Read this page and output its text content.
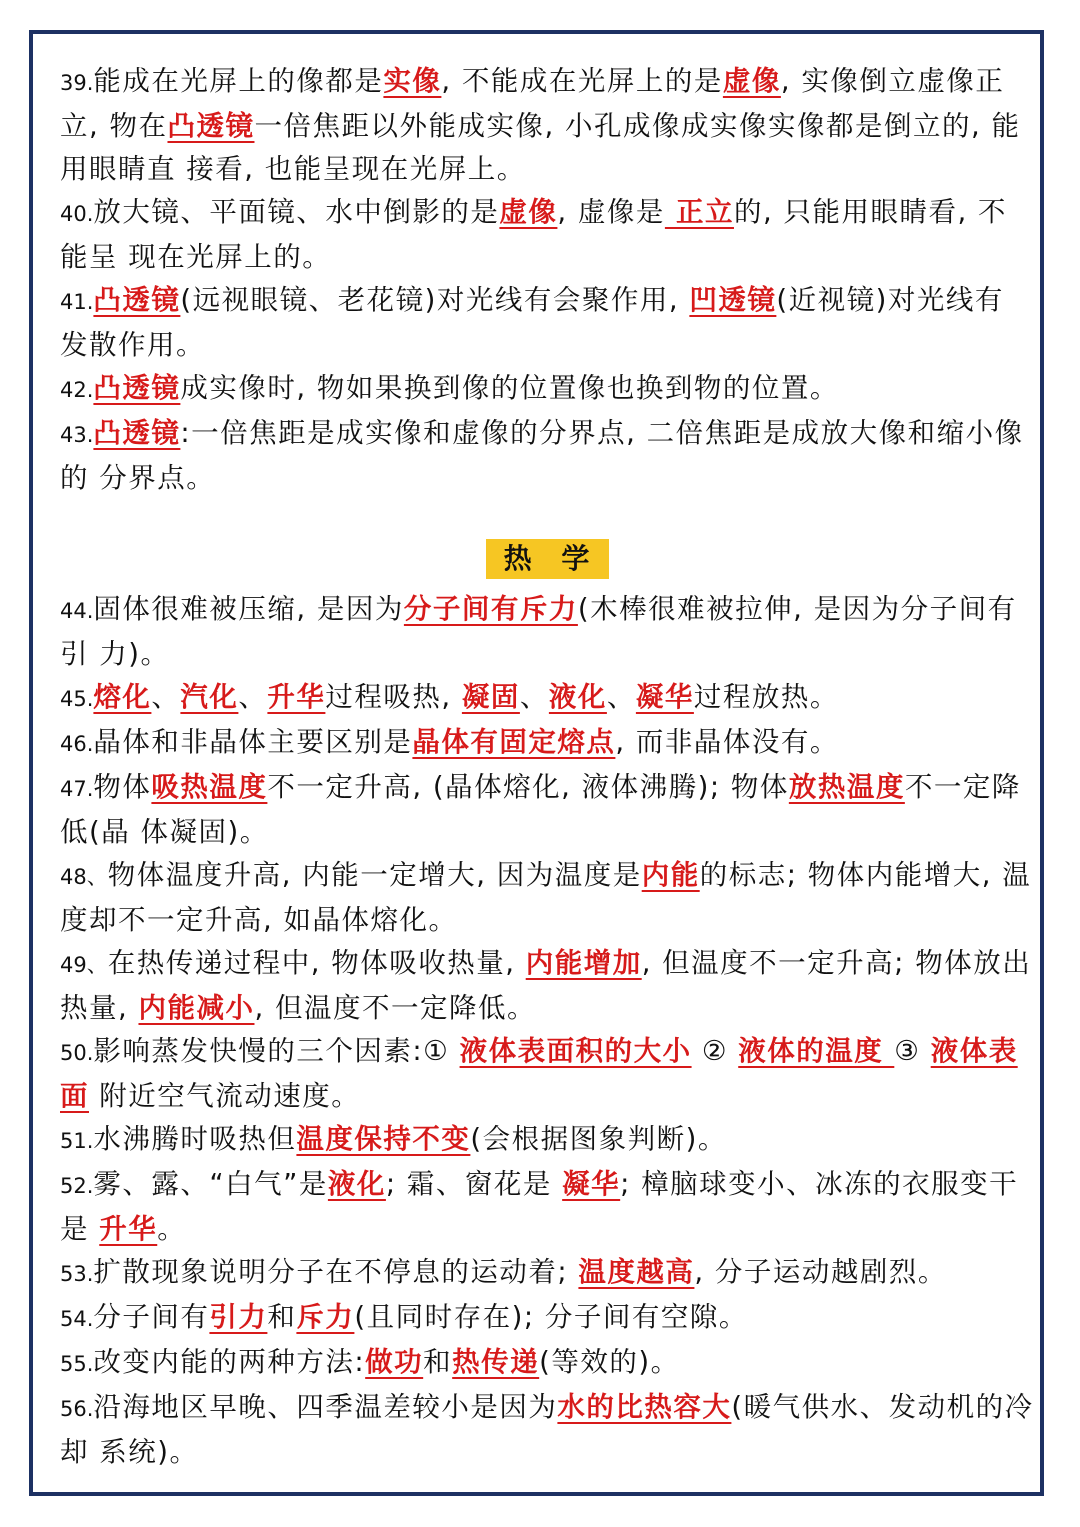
39.能成在光屏上的像都是实像, 不能成在光屏上的是虚像, 实像倒立虚像正立, 物在凸透镜一倍焦距以外能成实像, 小孔成像成实像实像都是倒立的, 能用眼睛直 接看, 也能呈现在光屏上。
40.放大镜、平面镜、水中倒影的是虚像, 虚像是 正立的, 只能用眼睛看, 不能呈 现在光屏上的。
41.凸透镜(远视眼镜、老花镜)对光线有会聚作用, 凹透镜(近视镜)对光线有 发散作用。
42.凸透镜成实像时, 物如果换到像的位置像也换到物的位置。
43.凸透镜:一倍焦距是成实像和虚像的分界点, 二倍焦距是成放大像和缩小像的 分界点。
热 学
44.固体很难被压缩, 是因为分子间有斥力(木棒很难被拉伸, 是因为分子间有引 力)。
45.熔化、汽化、升华过程吸热, 凝固、液化、凝华过程放热。
46.晶体和非晶体主要区别是晶体有固定熔点, 而非晶体没有。
47.物体吸热温度不一定升高, (晶体熔化, 液体沸腾); 物体放热温度不一定降低(晶 体凝固)。
48、物体温度升高, 内能一定增大, 因为温度是内能的标志; 物体内能增大, 温 度却不一定升高, 如晶体熔化。
49、在热传递过程中, 物体吸收热量, 内能增加, 但温度不一定升高; 物体放出热量, 内能减小, 但温度不一定降低。
50.影响蒸发快慢的三个因素:① 液体表面积的大小 ② 液体的温度 ③ 液体表面 附近空气流动速度。
51.水沸腾时吸热但温度保持不变(会根据图象判断)。
52.雾、露、“白气”是液化; 霜、窗花是 凝华; 樟脑球变小、冰冻的衣服变干是 升华。
53.扩散现象说明分子在不停息的运动着; 温度越高, 分子运动越剧烈。
54.分子间有引力和斥力(且同时存在); 分子间有空隙。
55.改变内能的两种方法:做功和热传递(等效的)。
56.沿海地区早晚、四季温差较小是因为水的比热容大(暖气供水、发动机的冷却 系统)。
